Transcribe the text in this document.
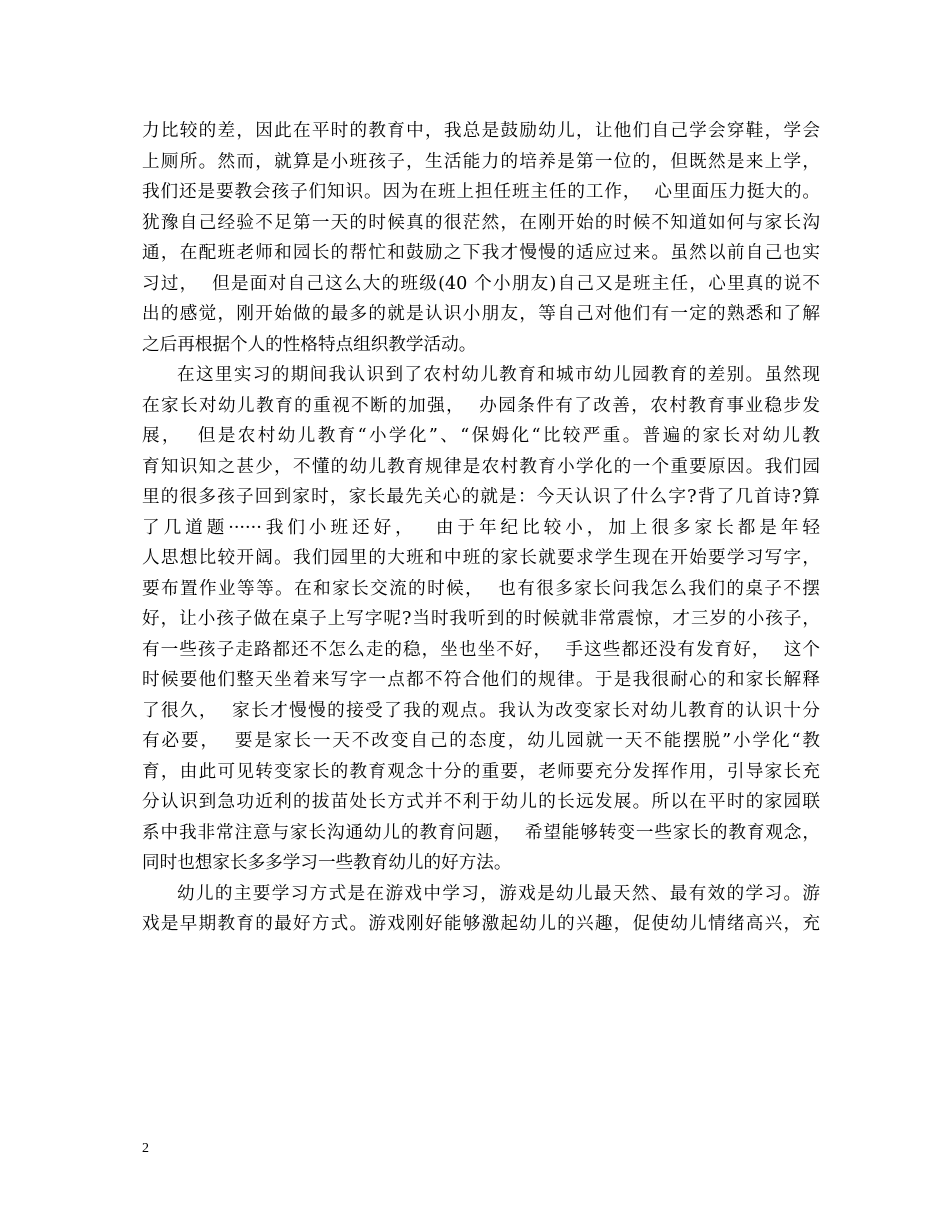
力比较的差，因此在平时的教育中，我总是鼓励幼儿，让他们自己学会穿鞋，学会
上厕所。然而，就算是小班孩子，生活能力的培养是第一位的，但既然是来上学，
我们还是要教会孩子们知识。因为在班上担任班主任的工作，  心里面压力挺大的。
犹豫自己经验不足第一天的时候真的很茫然，在刚开始的时候不知道如何与家长沟
通，在配班老师和园长的帮忙和鼓励之下我才慢慢的适应过来。虽然以前自己也实
习过，  但是面对自己这么大的班级(40 个小朋友)自己又是班主任，心里真的说不
出的感觉，刚开始做的最多的就是认识小朋友，等自己对他们有一定的熟悉和了解
之后再根据个人的性格特点组织教学活动。
在这里实习的期间我认识到了农村幼儿教育和城市幼儿园教育的差别。虽然现
在家长对幼儿教育的重视不断的加强，  办园条件有了改善，农村教育事业稳步发
展，  但是农村幼儿教育“小学化”、“保姆化“比较严重。普遍的家长对幼儿教
育知识知之甚少，不懂的幼儿教育规律是农村教育小学化的一个重要原因。我们园
里的很多孩子回到家时，家长最先关心的就是：今天认识了什么字?背了几首诗?算
了几道题······我们小班还好，  由于年纪比较小，加上很多家长都是年轻
人思想比较开阔。我们园里的大班和中班的家长就要求学生现在开始要学习写字，
要布置作业等等。在和家长交流的时候，  也有很多家长问我怎么我们的桌子不摆
好，让小孩子做在桌子上写字呢?当时我听到的时候就非常震惊，才三岁的小孩子，
有一些孩子走路都还不怎么走的稳，坐也坐不好，  手这些都还没有发育好，  这个
时候要他们整天坐着来写字一点都不符合他们的规律。于是我很耐心的和家长解释
了很久，  家长才慢慢的接受了我的观点。我认为改变家长对幼儿教育的认识十分
有必要，  要是家长一天不改变自己的态度，幼儿园就一天不能摆脱”小学化“教
育，由此可见转变家长的教育观念十分的重要，老师要充分发挥作用，引导家长充
分认识到急功近利的拔苗处长方式并不利于幼儿的长远发展。所以在平时的家园联
系中我非常注意与家长沟通幼儿的教育问题，  希望能够转变一些家长的教育观念，
同时也想家长多多学习一些教育幼儿的好方法。
幼儿的主要学习方式是在游戏中学习，游戏是幼儿最天然、最有效的学习。游
戏是早期教育的最好方式。游戏刚好能够激起幼儿的兴趣，促使幼儿情绪高兴，充
2
